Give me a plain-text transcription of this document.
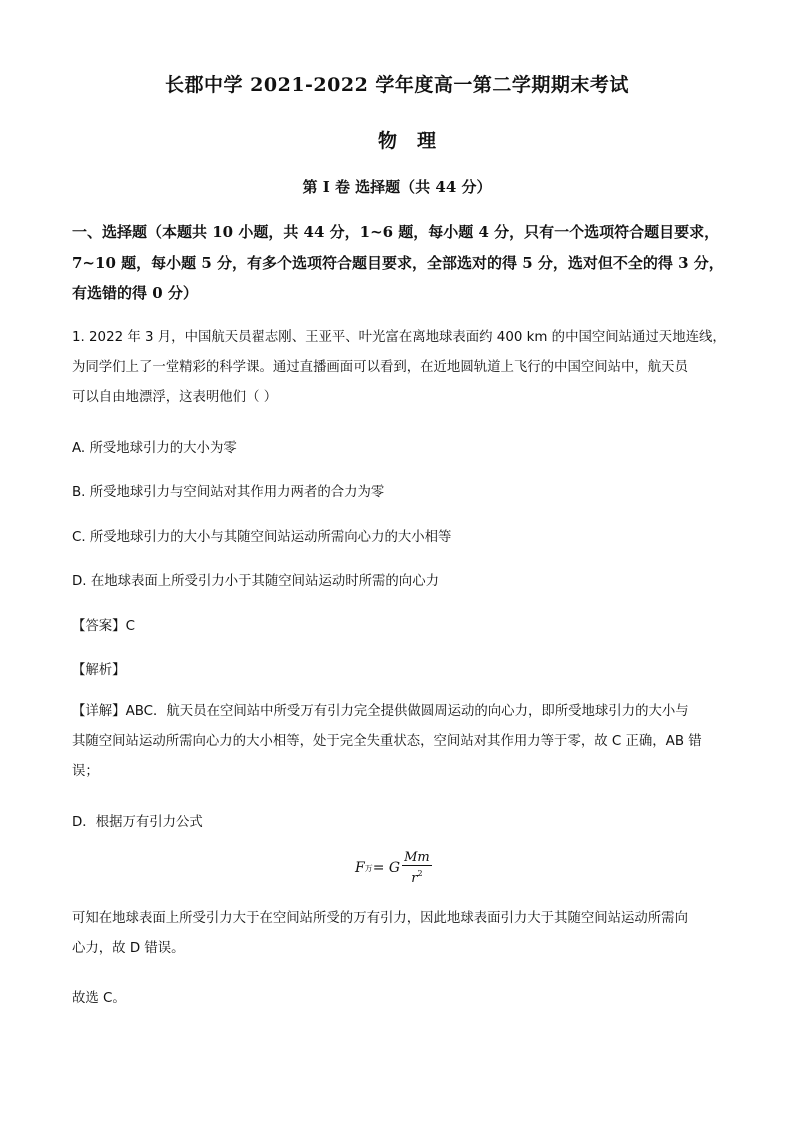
长郡中学 2021-2022 学年度高一第二学期期末考试
物理
第 I 卷 选择题（共 44 分）
一、选择题（本题共 10 小题，共 44 分，1~6 题，每小题 4 分，只有一个选项符合题目要求，
7~10 题，每小题 5 分，有多个选项符合题目要求，全部选对的得 5 分，选对但不全的得 3 分，
有选错的得 0 分）
1. 2022 年 3 月，中国航天员翟志刚、王亚平、叶光富在离地球表面约 400 km 的中国空间站通过天地连线，
为同学们上了一堂精彩的科学课。通过直播画面可以看到，在近地圆轨道上飞行的中国空间站中，航天员
可以自由地漂浮，这表明他们（ ）
A. 所受地球引力的大小为零
B. 所受地球引力与空间站对其作用力两者的合力为零
C. 所受地球引力的大小与其随空间站运动所需向心力的大小相等
D. 在地球表面上所受引力小于其随空间站运动时所需的向心力
【答案】C
【解析】
【详解】ABC．航天员在空间站中所受万有引力完全提供做圆周运动的向心力，即所受地球引力的大小与
其随空间站运动所需向心力的大小相等，处于完全失重状态，空间站对其作用力等于零，故 C 正确，AB 错
误；
D．根据万有引力公式
F 万 = G $\frac{Mm}{r^2}$
可知在地球表面上所受引力大于在空间站所受的万有引力，因此地球表面引力大于其随空间站运动所需向
心力，故 D 错误。
故选 C。
